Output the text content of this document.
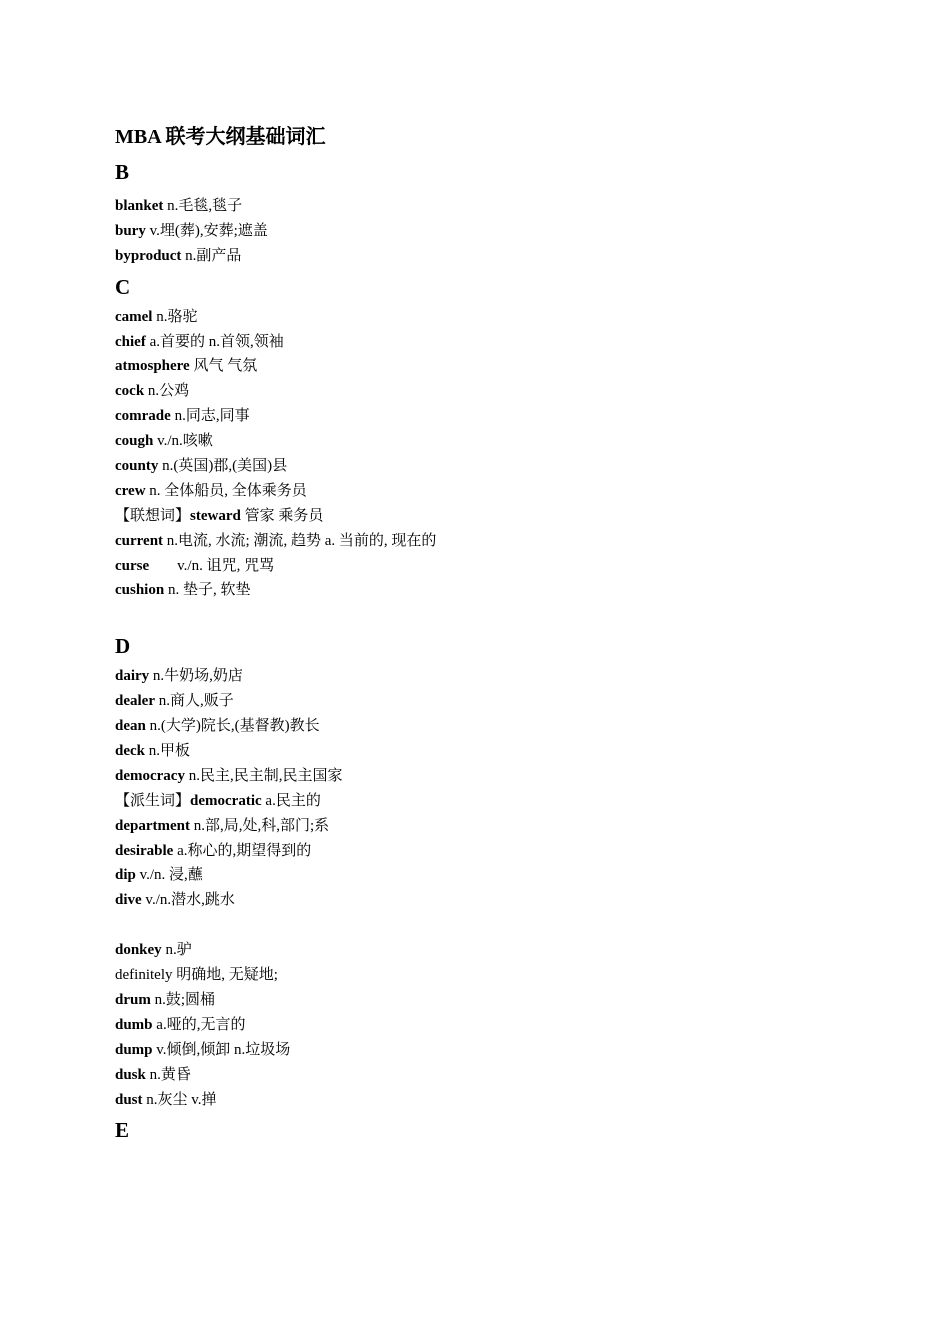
MBA 联考大纲基础词汇
B
blanket n.毛毯,毯子
bury v.埋(葬),安葬;遮盖
byproduct n.副产品
C
camel n.骆驼
chief a.首要的 n.首领,领袖
atmosphere 风气 气氛
cock n.公鸡
comrade n.同志,同事
cough v./n.咳嗽
county n.(英国)郡,(美国)县
crew n. 全体船员, 全体乘务员
【联想词】steward 管家 乘务员
current n.电流, 水流; 潮流, 趋势 a. 当前的, 现在的
curse v./n. 诅咒, 咒骂
cushion n. 垫子, 软垫
D
dairy n.牛奶场,奶店
dealer n.商人,贩子
dean n.(大学)院长,(基督教)教长
deck n.甲板
democracy n.民主,民主制,民主国家
【派生词】democratic a.民主的
department n.部,局,处,科,部门;系
desirable a.称心的,期望得到的
dip v./n. 浸,蘸
dive v./n.潜水,跳水
donkey n.驴
definitely 明确地, 无疑地;
drum n.鼓;圆桶
dumb a.哑的,无言的
dump v.倾倒,倾卸 n.垃圾场
dusk n.黄昏
dust n.灰尘 v.掸
E
